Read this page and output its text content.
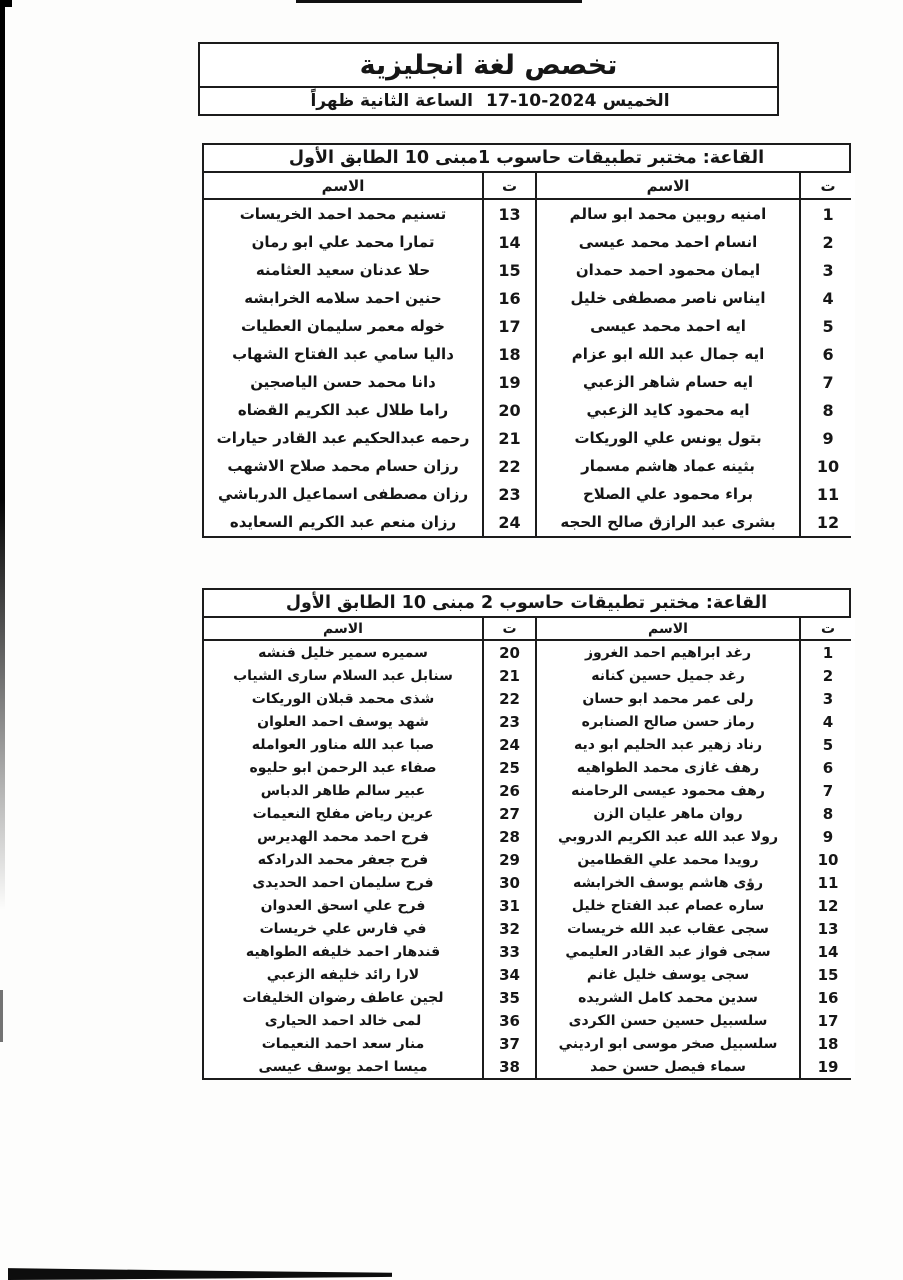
تخصص لغة انجليزية
الخميس
17-10-2024
الساعة الثانية ظهراً
القاعة: مختبر تطبيقات حاسوب 1مبنى 10 الطابق الأول
الاسم	ت	الاسم	ت
تسنيم محمد احمد الخريسات	13	امنيه روبين محمد ابو سالم	1
تمارا محمد علي ابو رمان	14	انسام احمد محمد عيسى	2
حلا عدنان سعيد العثامنه	15	ايمان محمود احمد حمدان	3
حنين احمد سلامه الخرابشه	16	ايناس ناصر مصطفى خليل	4
خوله معمر سليمان العطيات	17	ايه احمد محمد عيسى	5
داليا سامي عبد الفتاح الشهاب	18	ايه جمال عبد الله ابو عزام	6
دانا محمد حسن الياصجين	19	ايه حسام شاهر الزعبي	7
راما طلال عبد الكريم القضاه	20	ايه محمود كايد الزعبي	8
رحمه عبدالحكيم عبد القادر حيارات	21	بتول يونس علي الوريكات	9
رزان حسام محمد صلاح الاشهب	22	بثينه عماد هاشم مسمار	10
رزان مصطفى اسماعيل الدرباشي	23	براء محمود علي الصلاح	11
رزان منعم عبد الكريم السعايده	24	بشرى عبد الرازق صالح الحجه	12
القاعة: مختبر تطبيقات حاسوب 2 مبنى 10 الطابق الأول
الاسم	ت	الاسم	ت
سميره سمير خليل فنشه	20	رغد ابراهيم احمد الغروز	1
سنابل عبد السلام سارى الشياب	21	رغد جميل حسين كنانه	2
شذى محمد قبلان الوريكات	22	رلى عمر محمد ابو حسان	3
شهد يوسف احمد العلوان	23	رماز حسن صالح الصنابره	4
صبا عبد الله مناور العوامله	24	رناد زهير عبد الحليم ابو ديه	5
صفاء عبد الرحمن ابو حليوه	25	رهف غازى محمد الطواهيه	6
عبير سالم طاهر الدباس	26	رهف محمود عيسى الرحامنه	7
عرين رياض مفلح النعيمات	27	روان ماهر عليان الزن	8
فرح احمد محمد الهديرس	28	رولا عبد الله عبد الكريم الدروبي	9
فرح جعفر محمد الدرادكه	29	رويدا محمد علي القطامين	10
فرح سليمان احمد الحديدى	30	رؤى هاشم يوسف الخرابشه	11
فرح علي اسحق العدوان	31	ساره عصام عبد الفتاح خليل	12
في فارس علي خريسات	32	سجى عقاب عبد الله خريسات	13
قندهار احمد خليفه الطواهيه	33	سجى فواز عبد القادر العليمي	14
لارا رائد خليفه الزعبي	34	سجى يوسف خليل غانم	15
لجين عاطف رضوان الخليفات	35	سدين محمد كامل الشريده	16
لمى خالد احمد الحيارى	36	سلسبيل حسين حسن الكردى	17
منار سعد احمد النعيمات	37	سلسبيل صخر موسى ابو ارديني	18
ميسا احمد يوسف عيسى	38	سماء فيصل حسن حمد	19
